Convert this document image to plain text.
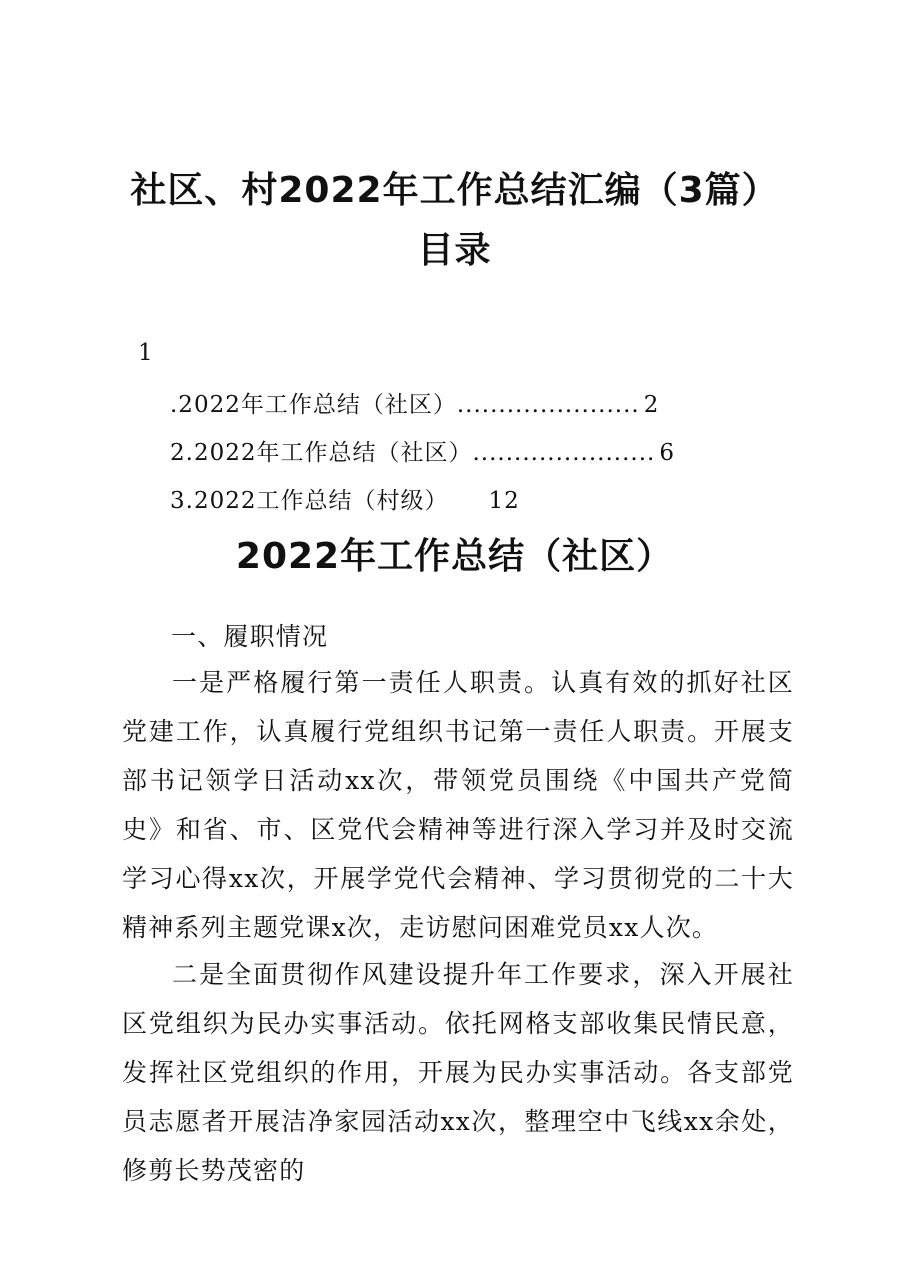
社区、村2022年工作总结汇编（3篇）
目录
1
.2022年工作总结（社区）...................... 2
2.2022年工作总结（社区）...................... 6
3.2022工作总结（村级） 12
2022年工作总结（社区）
一、履职情况
一是严格履行第一责任人职责。认真有效的抓好社区党建工作，认真履行党组织书记第一责任人职责。开展支部书记领学日活动xx次，带领党员围绕《中国共产党简史》和省、市、区党代会精神等进行深入学习并及时交流学习心得xx次，开展学党代会精神、学习贯彻党的二十大精神系列主题党课x次，走访慰问困难党员xx人次。
二是全面贯彻作风建设提升年工作要求，深入开展社区党组织为民办实事活动。依托网格支部收集民情民意，发挥社区党组织的作用，开展为民办实事活动。各支部党员志愿者开展洁净家园活动xx次，整理空中飞线xx余处，修剪长势茂密的
